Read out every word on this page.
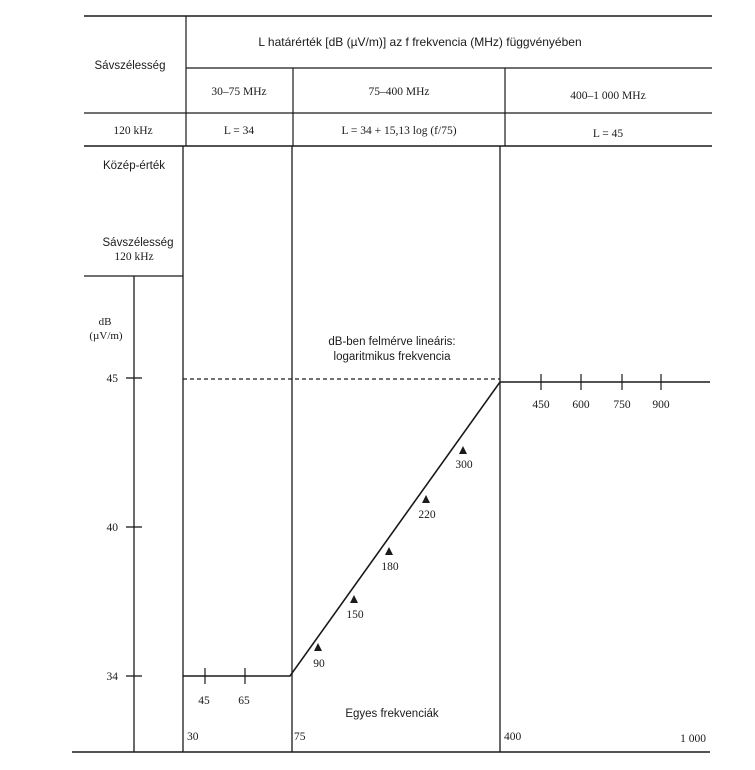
L határérték [dB (µV/m)] az f frekvencia (MHz) függvényében
Sávszélesség
30–75 MHz	75–400 MHz	400–1 000 MHz
120 kHz	L = 34	L = 34 + 15,13 log (f/75)	L = 45
Közép-érték
Sávszélesség
120 kHz
dB
(µV/m)
45
40
34
45 65
450 600 750 900
dB-ben felmérve lineáris:
logaritmikus frekvencia
90
150
180
220
300
Egyes frekvenciák
30	75	400	1 000
